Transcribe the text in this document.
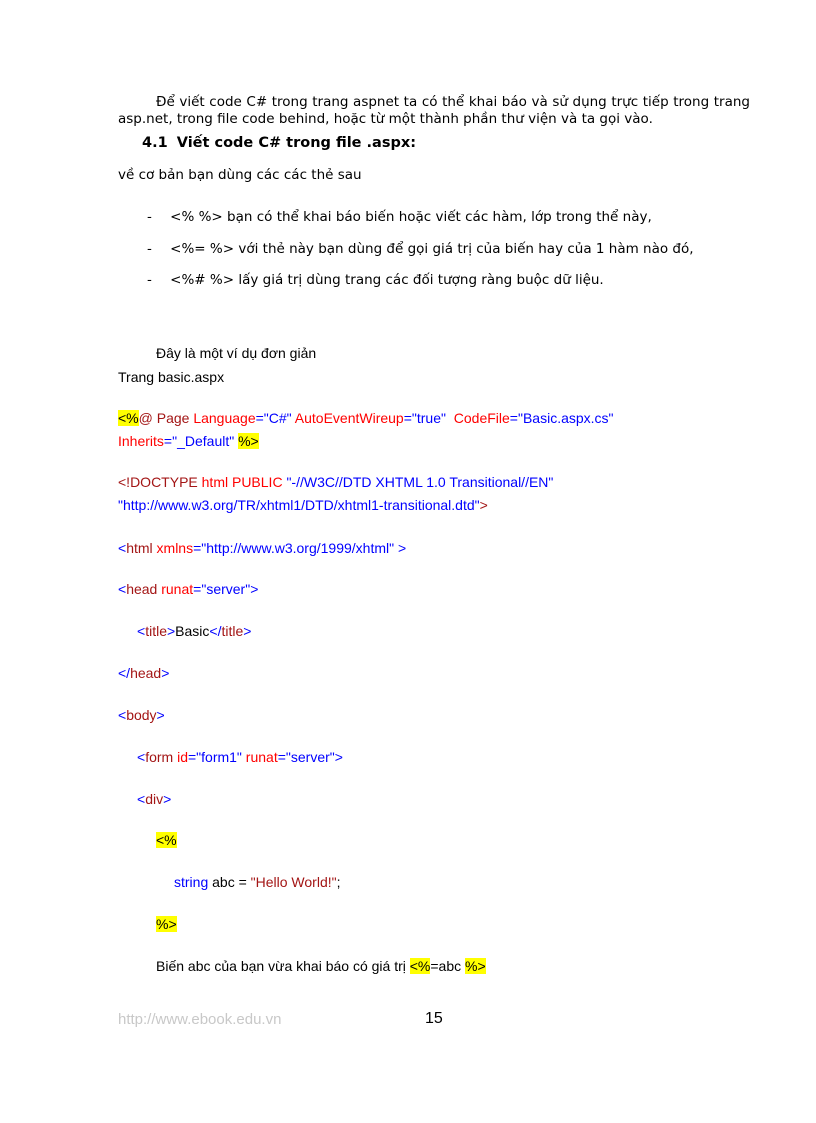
Để viết code C# trong trang aspnet ta có thể khai báo và sử dụng trực tiếp trong trang asp.net, trong file code behind, hoặc từ một thành phần thư viện và ta gọi vào.
4.1 Viết code C# trong file .aspx:
về cơ bản bạn dùng các các thẻ sau
- <% %> bạn có thể khai báo biến hoặc viết các hàm, lớp trong thể này,
- <%= %> với thẻ này bạn dùng để gọi giá trị của biến hay của 1 hàm nào đó,
- <%# %> lấy giá trị dùng trang các đối tượng ràng buộc dữ liệu.
Đây là một ví dụ đơn giản
Trang basic.aspx
<%@ Page Language="C#" AutoEventWireup="true" CodeFile="Basic.aspx.cs"
Inherits="_Default" %>
<!DOCTYPE html PUBLIC "-//W3C//DTD XHTML 1.0 Transitional//EN"
"http://www.w3.org/TR/xhtml1/DTD/xhtml1-transitional.dtd">
<html xmlns="http://www.w3.org/1999/xhtml" >
<head runat="server">
<title>Basic</title>
</head>
<body>
<form id="form1" runat="server">
<div>
<%
string abc = "Hello World!";
%>
Biến abc của bạn vừa khai báo có giá trị <%=abc %>
http://www.ebook.edu.vn	15
